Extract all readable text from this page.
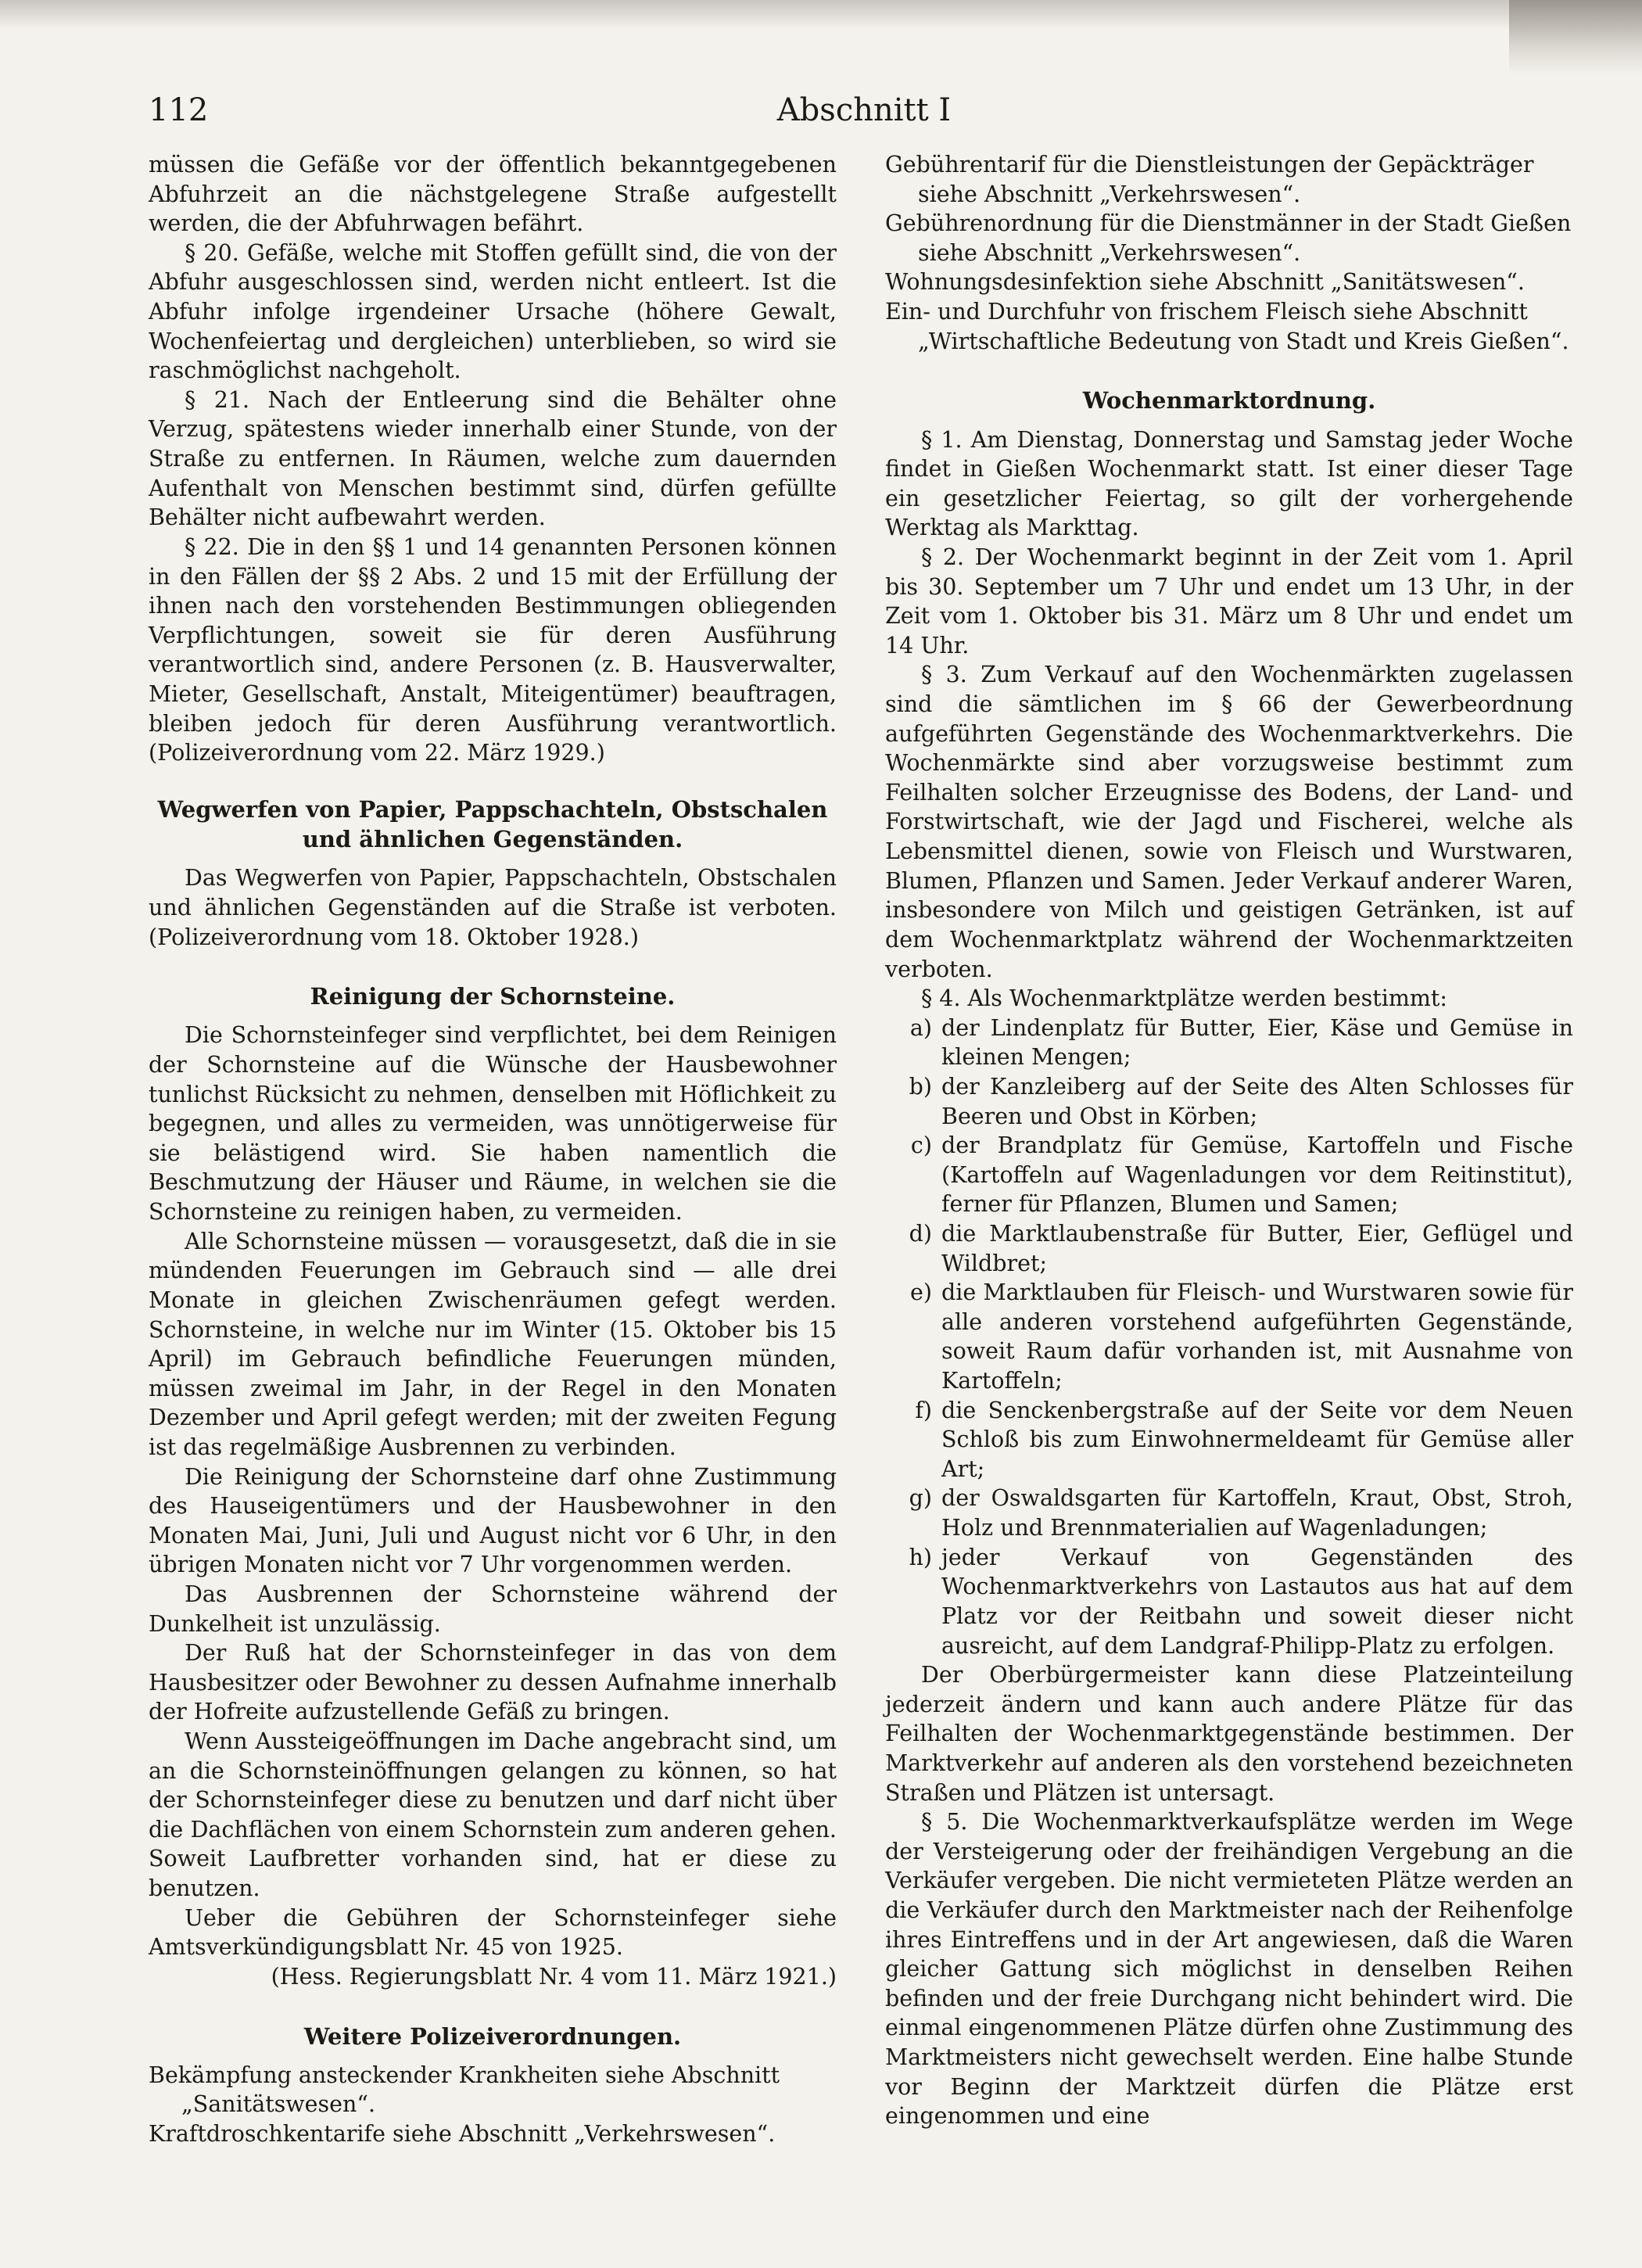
112	Abschnitt I

müssen die Gefäße vor der öffentlich bekanntgegebenen Abfuhrzeit an die nächstgelegene Straße aufgestellt werden, die der Abfuhrwagen befährt.

§ 20. Gefäße, welche mit Stoffen gefüllt sind, die von der Abfuhr ausgeschlossen sind, werden nicht entleert. Ist die Abfuhr infolge irgendeiner Ursache (höhere Gewalt, Wochenfeiertag und dergleichen) unterblieben, so wird sie raschmöglichst nachgeholt.

§ 21. Nach der Entleerung sind die Behälter ohne Verzug, spätestens wieder innerhalb einer Stunde, von der Straße zu entfernen. In Räumen, welche zum dauernden Aufenthalt von Menschen bestimmt sind, dürfen gefüllte Behälter nicht aufbewahrt werden.

§ 22. Die in den §§ 1 und 14 genannten Personen können in den Fällen der §§ 2 Abs. 2 und 15 mit der Erfüllung der ihnen nach den vorstehenden Bestimmungen obliegenden Verpflichtungen, soweit sie für deren Ausführung verantwortlich sind, andere Personen (z. B. Hausverwalter, Mieter, Gesellschaft, Anstalt, Miteigentümer) beauftragen, bleiben jedoch für deren Ausführung verantwortlich. (Polizeiverordnung vom 22. März 1929.)

Wegwerfen von Papier, Pappschachteln, Obstschalen und ähnlichen Gegenständen.

Das Wegwerfen von Papier, Pappschachteln, Obstschalen und ähnlichen Gegenständen auf die Straße ist verboten. (Polizeiverordnung vom 18. Oktober 1928.)

Reinigung der Schornsteine.

Die Schornsteinfeger sind verpflichtet, bei dem Reinigen der Schornsteine auf die Wünsche der Hausbewohner tunlichst Rücksicht zu nehmen, denselben mit Höflichkeit zu begegnen, und alles zu vermeiden, was unnötigerweise für sie belästigend wird. Sie haben namentlich die Beschmutzung der Häuser und Räume, in welchen sie die Schornsteine zu reinigen haben, zu vermeiden.

Alle Schornsteine müssen — vorausgesetzt, daß die in sie mündenden Feuerungen im Gebrauch sind — alle drei Monate in gleichen Zwischenräumen gefegt werden. Schornsteine, in welche nur im Winter (15. Oktober bis 15 April) im Gebrauch befindliche Feuerungen münden, müssen zweimal im Jahr, in der Regel in den Monaten Dezember und April gefegt werden; mit der zweiten Fegung ist das regelmäßige Ausbrennen zu verbinden.

Die Reinigung der Schornsteine darf ohne Zustimmung des Hauseigentümers und der Hausbewohner in den Monaten Mai, Juni, Juli und August nicht vor 6 Uhr, in den übrigen Monaten nicht vor 7 Uhr vorgenommen werden.

Das Ausbrennen der Schornsteine während der Dunkelheit ist unzulässig.

Der Ruß hat der Schornsteinfeger in das von dem Hausbesitzer oder Bewohner zu dessen Aufnahme innerhalb der Hofreite aufzustellende Gefäß zu bringen.

Wenn Aussteigeöffnungen im Dache angebracht sind, um an die Schornsteinöffnungen gelangen zu können, so hat der Schornsteinfeger diese zu benutzen und darf nicht über die Dachflächen von einem Schornstein zum anderen gehen. Soweit Laufbretter vorhanden sind, hat er diese zu benutzen.

Ueber die Gebühren der Schornsteinfeger siehe Amtsverkündigungsblatt Nr. 45 von 1925.

(Hess. Regierungsblatt Nr. 4 vom 11. März 1921.)

Weitere Polizeiverordnungen.

Bekämpfung ansteckender Krankheiten siehe Abschnitt „Sanitätswesen“.

Kraftdroschkentarife siehe Abschnitt „Verkehrswesen“.

Gebührentarif für die Dienstleistungen der Gepäckträger siehe Abschnitt „Verkehrswesen“.

Gebührenordnung für die Dienstmänner in der Stadt Gießen siehe Abschnitt „Verkehrswesen“.

Wohnungsdesinfektion siehe Abschnitt „Sanitätswesen“.

Ein- und Durchfuhr von frischem Fleisch siehe Abschnitt „Wirtschaftliche Bedeutung von Stadt und Kreis Gießen“.

Wochenmarktordnung.

§ 1. Am Dienstag, Donnerstag und Samstag jeder Woche findet in Gießen Wochenmarkt statt. Ist einer dieser Tage ein gesetzlicher Feiertag, so gilt der vorhergehende Werktag als Markttag.

§ 2. Der Wochenmarkt beginnt in der Zeit vom 1. April bis 30. September um 7 Uhr und endet um 13 Uhr, in der Zeit vom 1. Oktober bis 31. März um 8 Uhr und endet um 14 Uhr.

§ 3. Zum Verkauf auf den Wochenmärkten zugelassen sind die sämtlichen im § 66 der Gewerbeordnung aufgeführten Gegenstände des Wochenmarktverkehrs. Die Wochenmärkte sind aber vorzugsweise bestimmt zum Feilhalten solcher Erzeugnisse des Bodens, der Land- und Forstwirtschaft, wie der Jagd und Fischerei, welche als Lebensmittel dienen, sowie von Fleisch und Wurstwaren, Blumen, Pflanzen und Samen. Jeder Verkauf anderer Waren, insbesondere von Milch und geistigen Getränken, ist auf dem Wochenmarktplatz während der Wochenmarktzeiten verboten.

§ 4. Als Wochenmarktplätze werden bestimmt:

a) der Lindenplatz für Butter, Eier, Käse und Gemüse in kleinen Mengen;
b) der Kanzleiberg auf der Seite des Alten Schlosses für Beeren und Obst in Körben;
c) der Brandplatz für Gemüse, Kartoffeln und Fische (Kartoffeln auf Wagenladungen vor dem Reitinstitut), ferner für Pflanzen, Blumen und Samen;
d) die Marktlaubenstraße für Butter, Eier, Geflügel und Wildbret;
e) die Marktlauben für Fleisch- und Wurstwaren sowie für alle anderen vorstehend aufgeführten Gegenstände, soweit Raum dafür vorhanden ist, mit Ausnahme von Kartoffeln;
f) die Senckenbergstraße auf der Seite vor dem Neuen Schloß bis zum Einwohnermeldeamt für Gemüse aller Art;
g) der Oswaldsgarten für Kartoffeln, Kraut, Obst, Stroh, Holz und Brennmaterialien auf Wagenladungen;
h) jeder Verkauf von Gegenständen des Wochenmarktverkehrs von Lastautos aus hat auf dem Platz vor der Reitbahn und soweit dieser nicht ausreicht, auf dem Landgraf-Philipp-Platz zu erfolgen.

Der Oberbürgermeister kann diese Platzeinteilung jederzeit ändern und kann auch andere Plätze für das Feilhalten der Wochenmarktgegenstände bestimmen. Der Marktverkehr auf anderen als den vorstehend bezeichneten Straßen und Plätzen ist untersagt.

§ 5. Die Wochenmarktverkaufsplätze werden im Wege der Versteigerung oder der freihändigen Vergebung an die Verkäufer vergeben. Die nicht vermieteten Plätze werden an die Verkäufer durch den Marktmeister nach der Reihenfolge ihres Eintreffens und in der Art angewiesen, daß die Waren gleicher Gattung sich möglichst in denselben Reihen befinden und der freie Durchgang nicht behindert wird. Die einmal eingenommenen Plätze dürfen ohne Zustimmung des Marktmeisters nicht gewechselt werden. Eine halbe Stunde vor Beginn der Marktzeit dürfen die Plätze erst eingenommen und eine
